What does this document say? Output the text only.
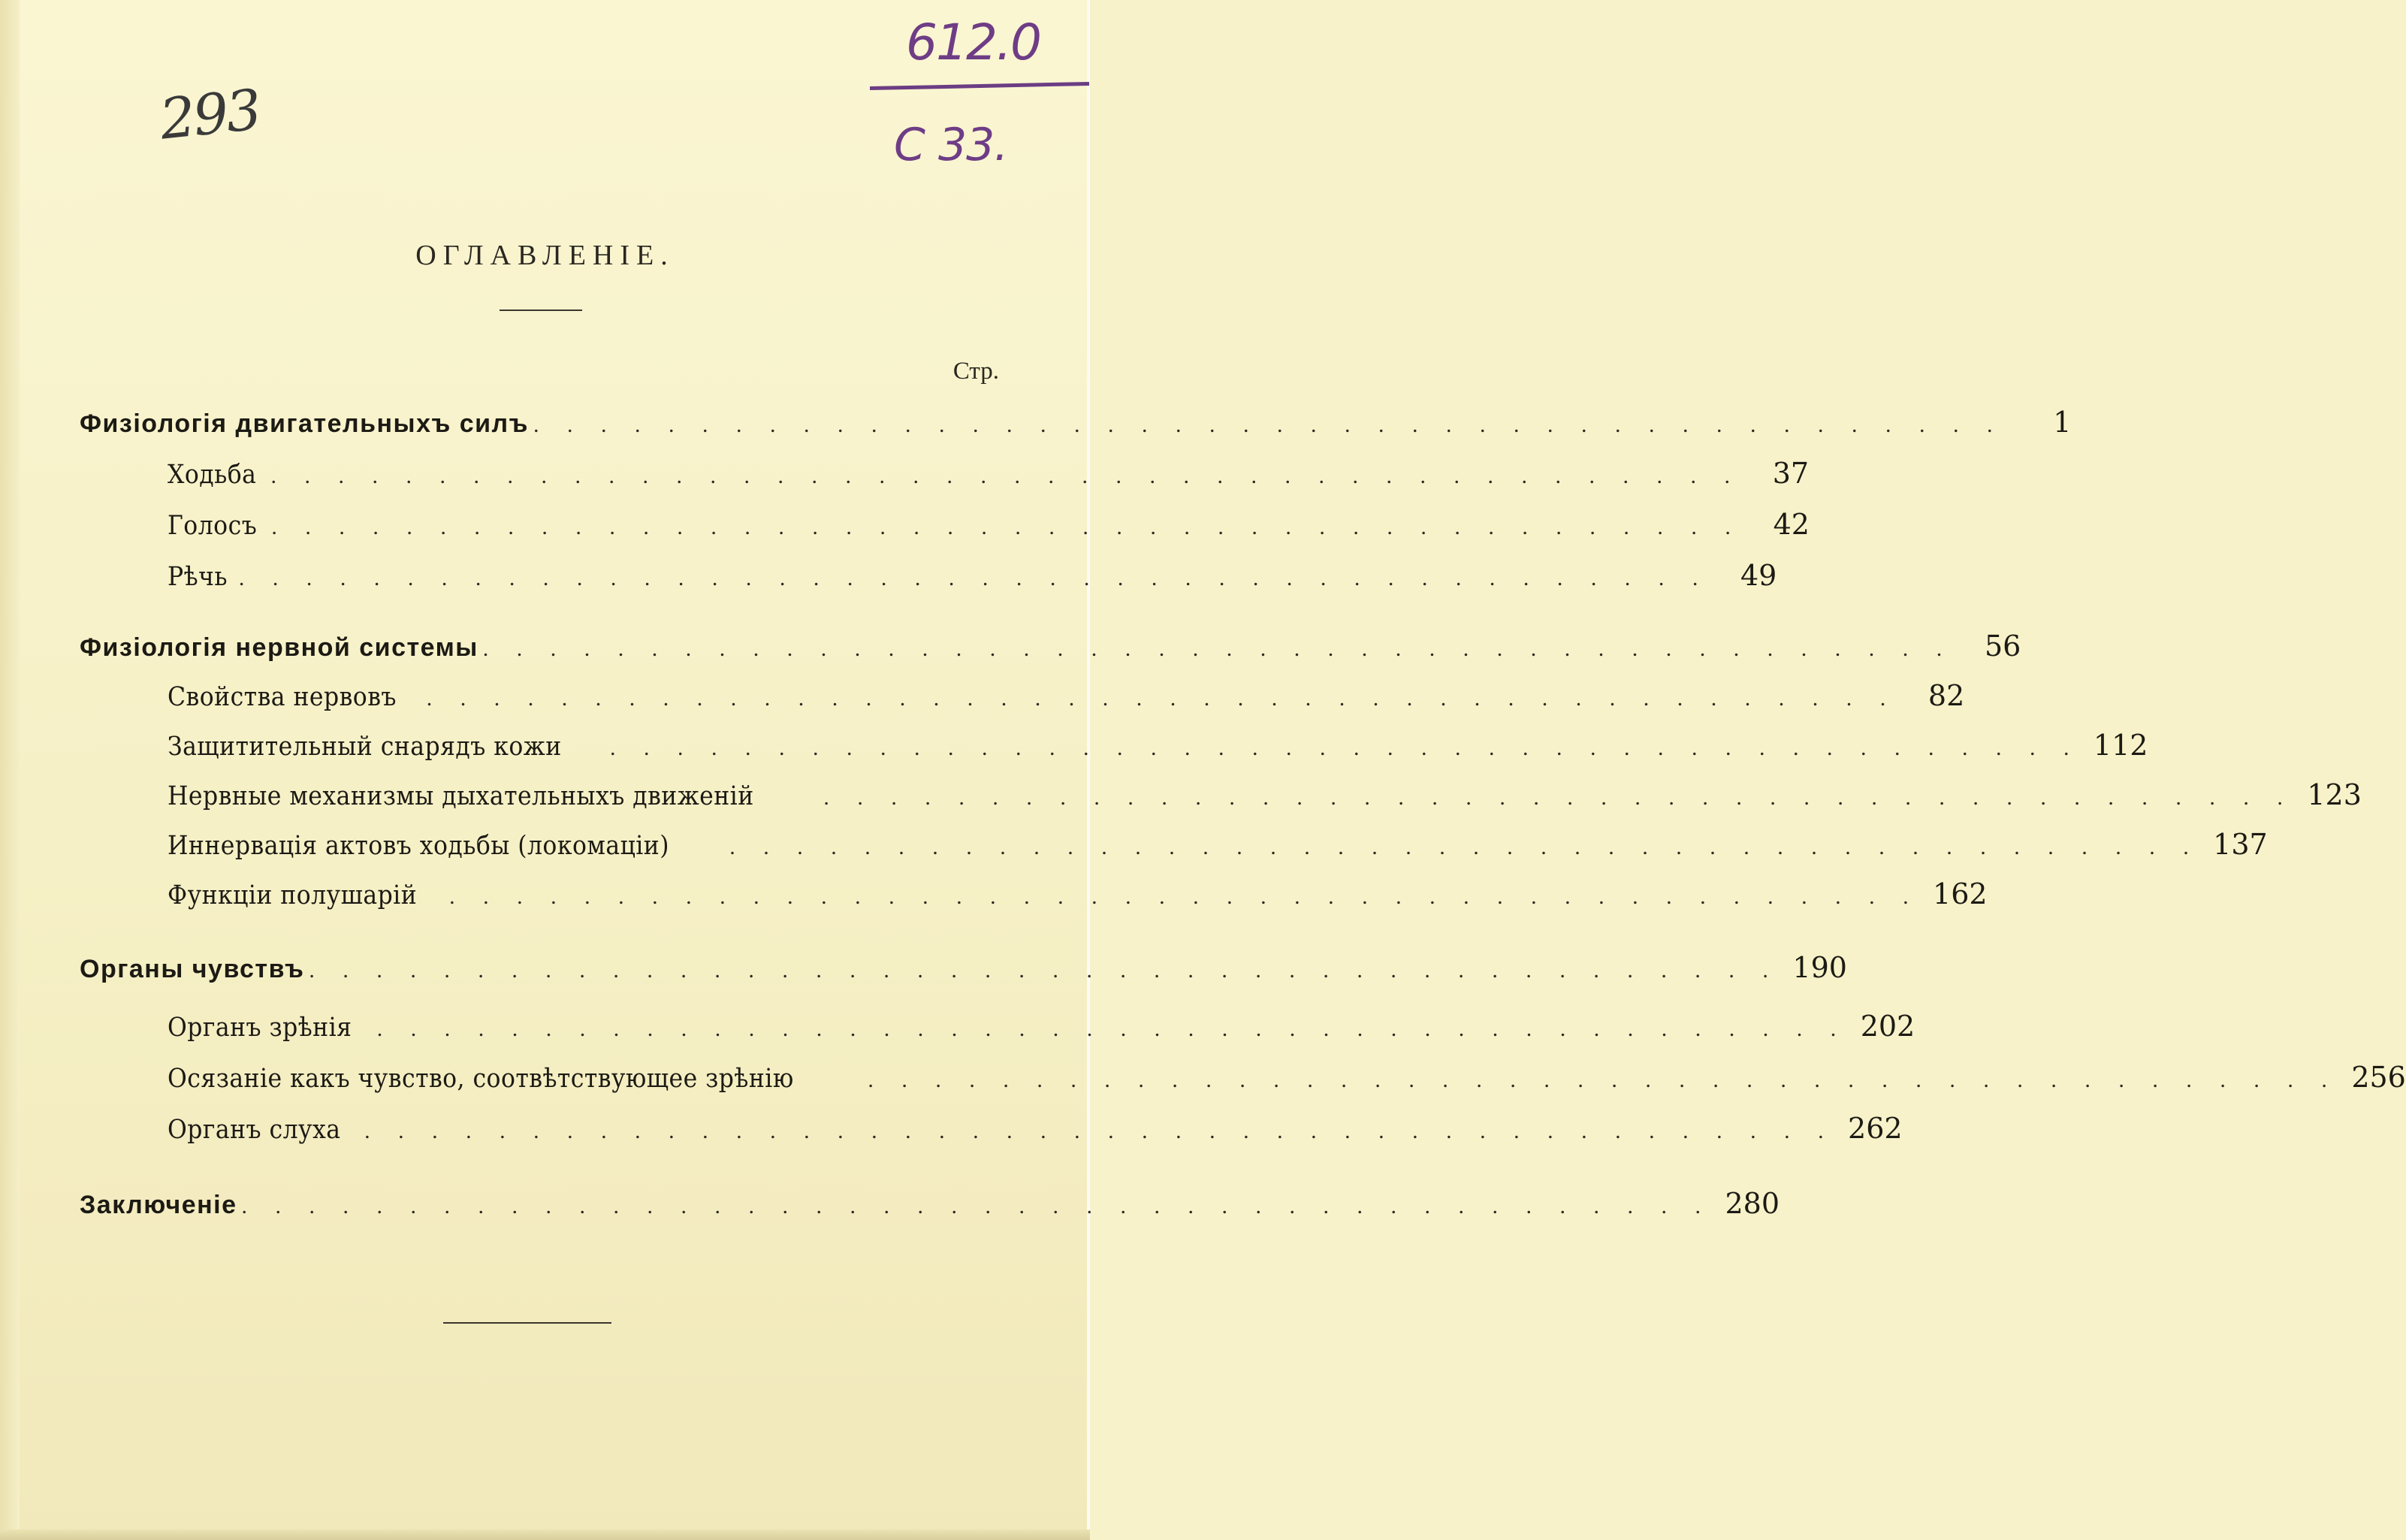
293
612.0
C 33.
ОГЛАВЛЕНІЕ.
Стр.
Физіологія двигательныхъ силъ . . . . . . . . . . . . . . . . . . . . . . . . . . . . . . . . . . . . . . . . . . . .	1
Ходьба . . . . . . . . . . . . . . . . . . . . . . . . . . . . . . . . . . . . . . . . . . . .	37
Голосъ . . . . . . . . . . . . . . . . . . . . . . . . . . . . . . . . . . . . . . . . . . . .	42
Рѣчь . . . . . . . . . . . . . . . . . . . . . . . . . . . . . . . . . . . . . . . . . . . .	49
Физіологія нервной системы . . . . . . . . . . . . . . . . . . . . . . . . . . . . . . . . . . . . . . . . . . . .	56
Свойства нервовъ . . . . . . . . . . . . . . . . . . . . . . . . . . . . . . . . . . . . . . . . . . . .	82
Защитительный снарядъ кожи . . . . . . . . . . . . . . . . . . . . . . . . . . . . . . . . . . . . . . . . . . . . 112
Нервные механизмы дыхательныхъ движеній	. . . . . . . . . . . . . . . . . . . . . . . . . . . . . . . . . . . . . . . . . . . . 123
Иннервація актовъ ходьбы (локомаціи)	. . . . . . . . . . . . . . . . . . . . . . . . . . . . . . . . . . . . . . . . . . . . 137
Функціи полушарій . . . . . . . . . . . . . . . . . . . . . . . . . . . . . . . . . . . . . . . . . . . . 162
Органы чувствъ . . . . . . . . . . . . . . . . . . . . . . . . . . . . . . . . . . . . . . . . . . . . 190
Органъ зрѣнія . . . . . . . . . . . . . . . . . . . . . . . . . . . . . . . . . . . . . . . . . . . . 202
Осязаніе какъ чувство, соотвѣтствующее зрѣнію	. . . . . . . . . . . . . . . . . . . . . . . . . . . . . . . . . . . . . . . . . . . . 256
Органъ слуха . . . . . . . . . . . . . . . . . . . . . . . . . . . . . . . . . . . . . . . . . . . . 262
Заключеніе . . . . . . . . . . . . . . . . . . . . . . . . . . . . . . . . . . . . . . . . . . . . 280
